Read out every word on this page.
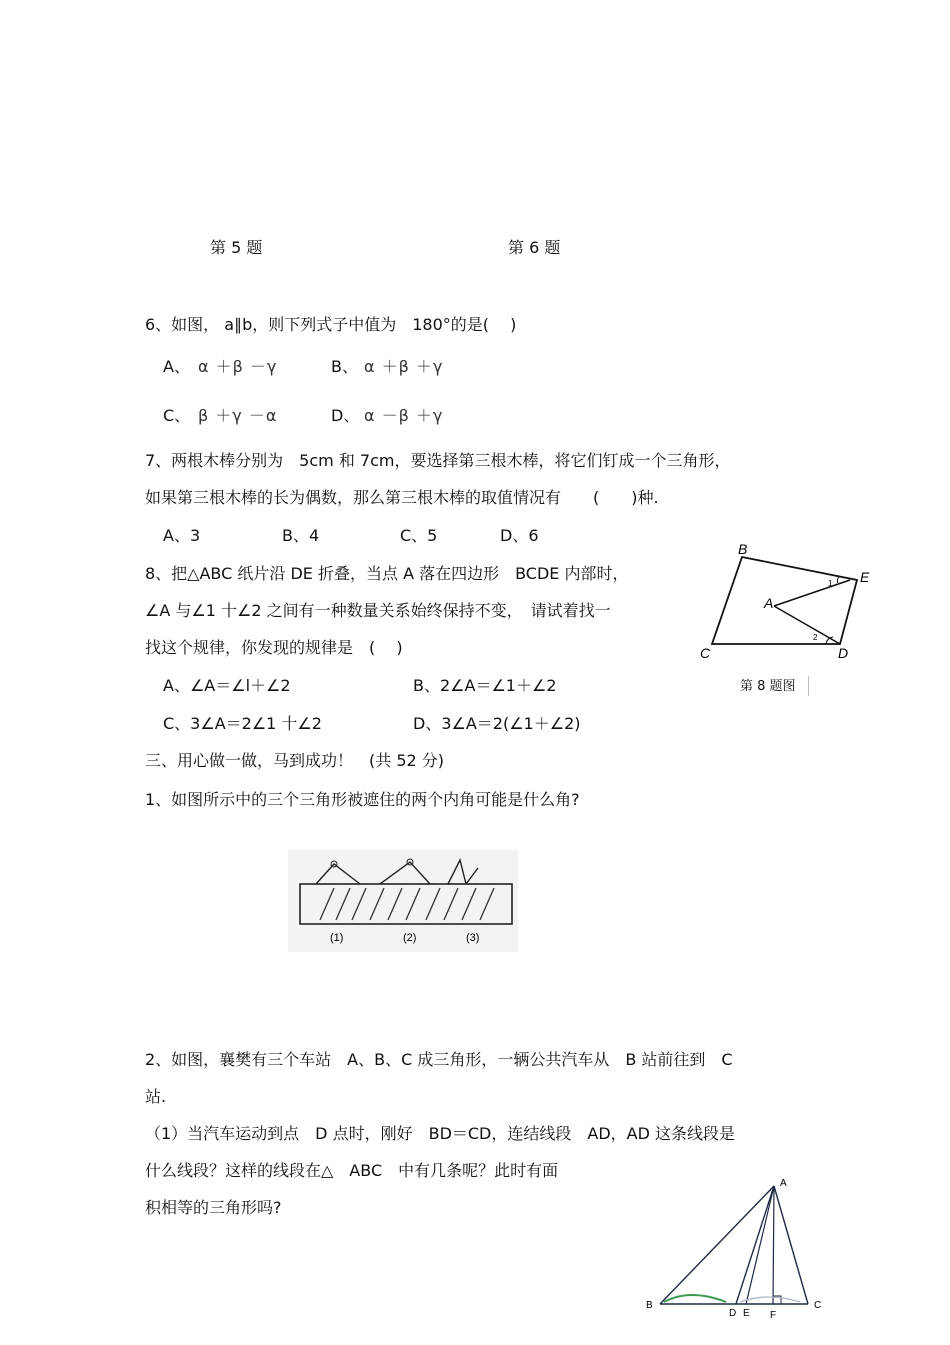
第 5 题	第 6 题
6、如图， a∥b，则下列式子中值为　180°的是(　 )
A、 α ＋β －γ	B、 α ＋β ＋γ
C、 β ＋γ －α	D、 α －β ＋γ
7、两根木棒分别为　5cm 和 7cm，要选择第三根木棒，将它们钉成一个三角形，
如果第三根木棒的长为偶数，那么第三根木棒的取值情况有　　(　　)种.
A、3	B、4	C、5	D、6
8、把△ABC 纸片沿 DE 折叠，当点 A 落在四边形　BCDE 内部时，
∠A 与∠1 十∠2 之间有一种数量关系始终保持不变，　请试着找一
找这个规律，你发现的规律是　(　 )
A、∠A＝∠l＋∠2	B、2∠A＝∠1＋∠2
C、3∠A＝2∠1 十∠2	D、3∠A＝2(∠1＋∠2)
B
E
A
C	D
1
2
第 8 题图
三、用心做一做，马到成功！　(共 52 分)
1、如图所示中的三个三角形被遮住的两个内角可能是什么角?
(1)	(2)	(3)
2、如图，襄樊有三个车站　A、B、C 成三角形，一辆公共汽车从　B 站前往到　C
站.
（1）当汽车运动到点　D 点时，刚好　BD＝CD，连结线段　AD，AD 这条线段是
什么线段？这样的线段在△　ABC　中有几条呢？此时有面
积相等的三角形吗?
A
B	C
D E F
